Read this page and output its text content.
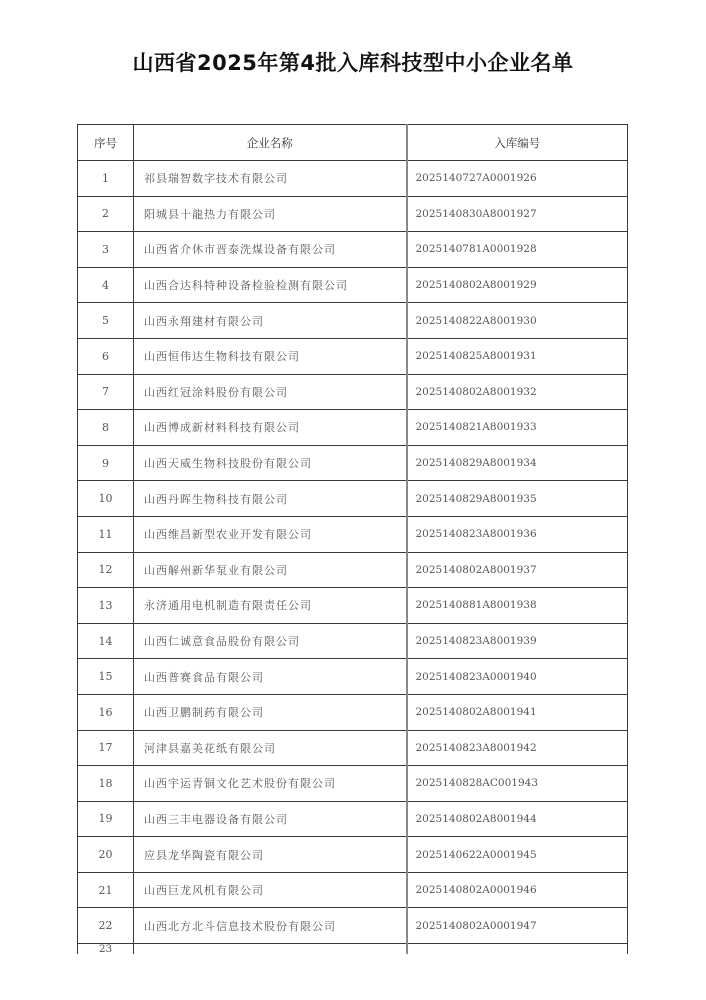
山西省2025年第4批入库科技型中小企业名单
序号	企业名称	入库编号
1	祁县瑞智数字技术有限公司	2025140727A0001926
2	阳城县十龍热力有限公司	2025140830A8001927
3	山西省介休市晋泰洗煤设备有限公司	2025140781A0001928
4	山西合达科特种设备检验检测有限公司	2025140802A8001929
5	山西永翔建材有限公司	2025140822A8001930
6	山西恒伟达生物科技有限公司	2025140825A8001931
7	山西红冠涂料股份有限公司	2025140802A8001932
8	山西博成新材料科技有限公司	2025140821A8001933
9	山西天威生物科技股份有限公司	2025140829A8001934
10	山西丹晖生物科技有限公司	2025140829A8001935
11	山西维昌新型农业开发有限公司	2025140823A8001936
12	山西解州新华泵业有限公司	2025140802A8001937
13	永济通用电机制造有限责任公司	2025140881A8001938
14	山西仁诚意食品股份有限公司	2025140823A8001939
15	山西普赛食品有限公司	2025140823A0001940
16	山西卫鹏制药有限公司	2025140802A8001941
17	河津县嘉美花纸有限公司	2025140823A8001942
18	山西宇运青铜文化艺术股份有限公司	2025140828AC001943
19	山西三丰电器设备有限公司	2025140802A8001944
20	应县龙华陶瓷有限公司	2025140622A0001945
21	山西巨龙风机有限公司	2025140802A0001946
22	山西北方北斗信息技术股份有限公司	2025140802A0001947
23		
